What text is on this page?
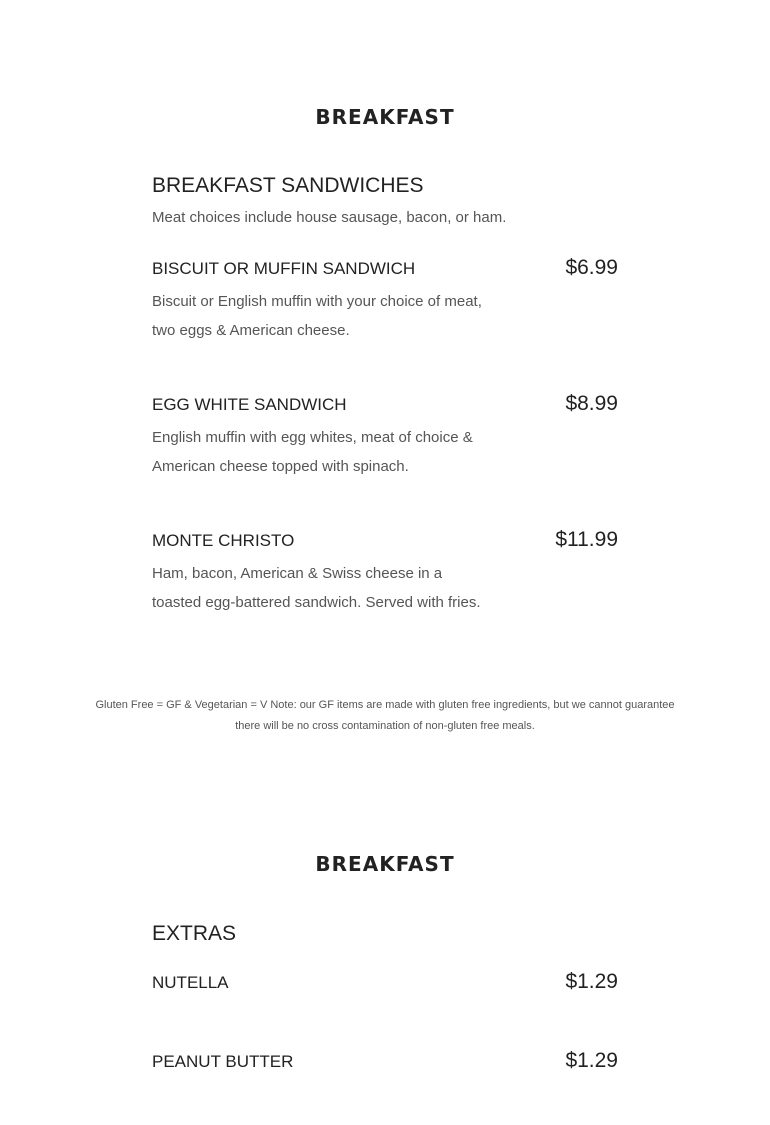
BREAKFAST
BREAKFAST SANDWICHES
Meat choices include house sausage, bacon, or ham.
BISCUIT OR MUFFIN SANDWICH	$6.99
Biscuit or English muffin with your choice of meat, two eggs & American cheese.
EGG WHITE SANDWICH	$8.99
English muffin with egg whites, meat of choice & American cheese topped with spinach.
MONTE CHRISTO	$11.99
Ham, bacon, American & Swiss cheese in a toasted egg-battered sandwich. Served with fries.
Gluten Free = GF & Vegetarian = V Note: our GF items are made with gluten free ingredients, but we cannot guarantee there will be no cross contamination of non-gluten free meals.
BREAKFAST
EXTRAS
NUTELLA	$1.29
PEANUT BUTTER	$1.29
